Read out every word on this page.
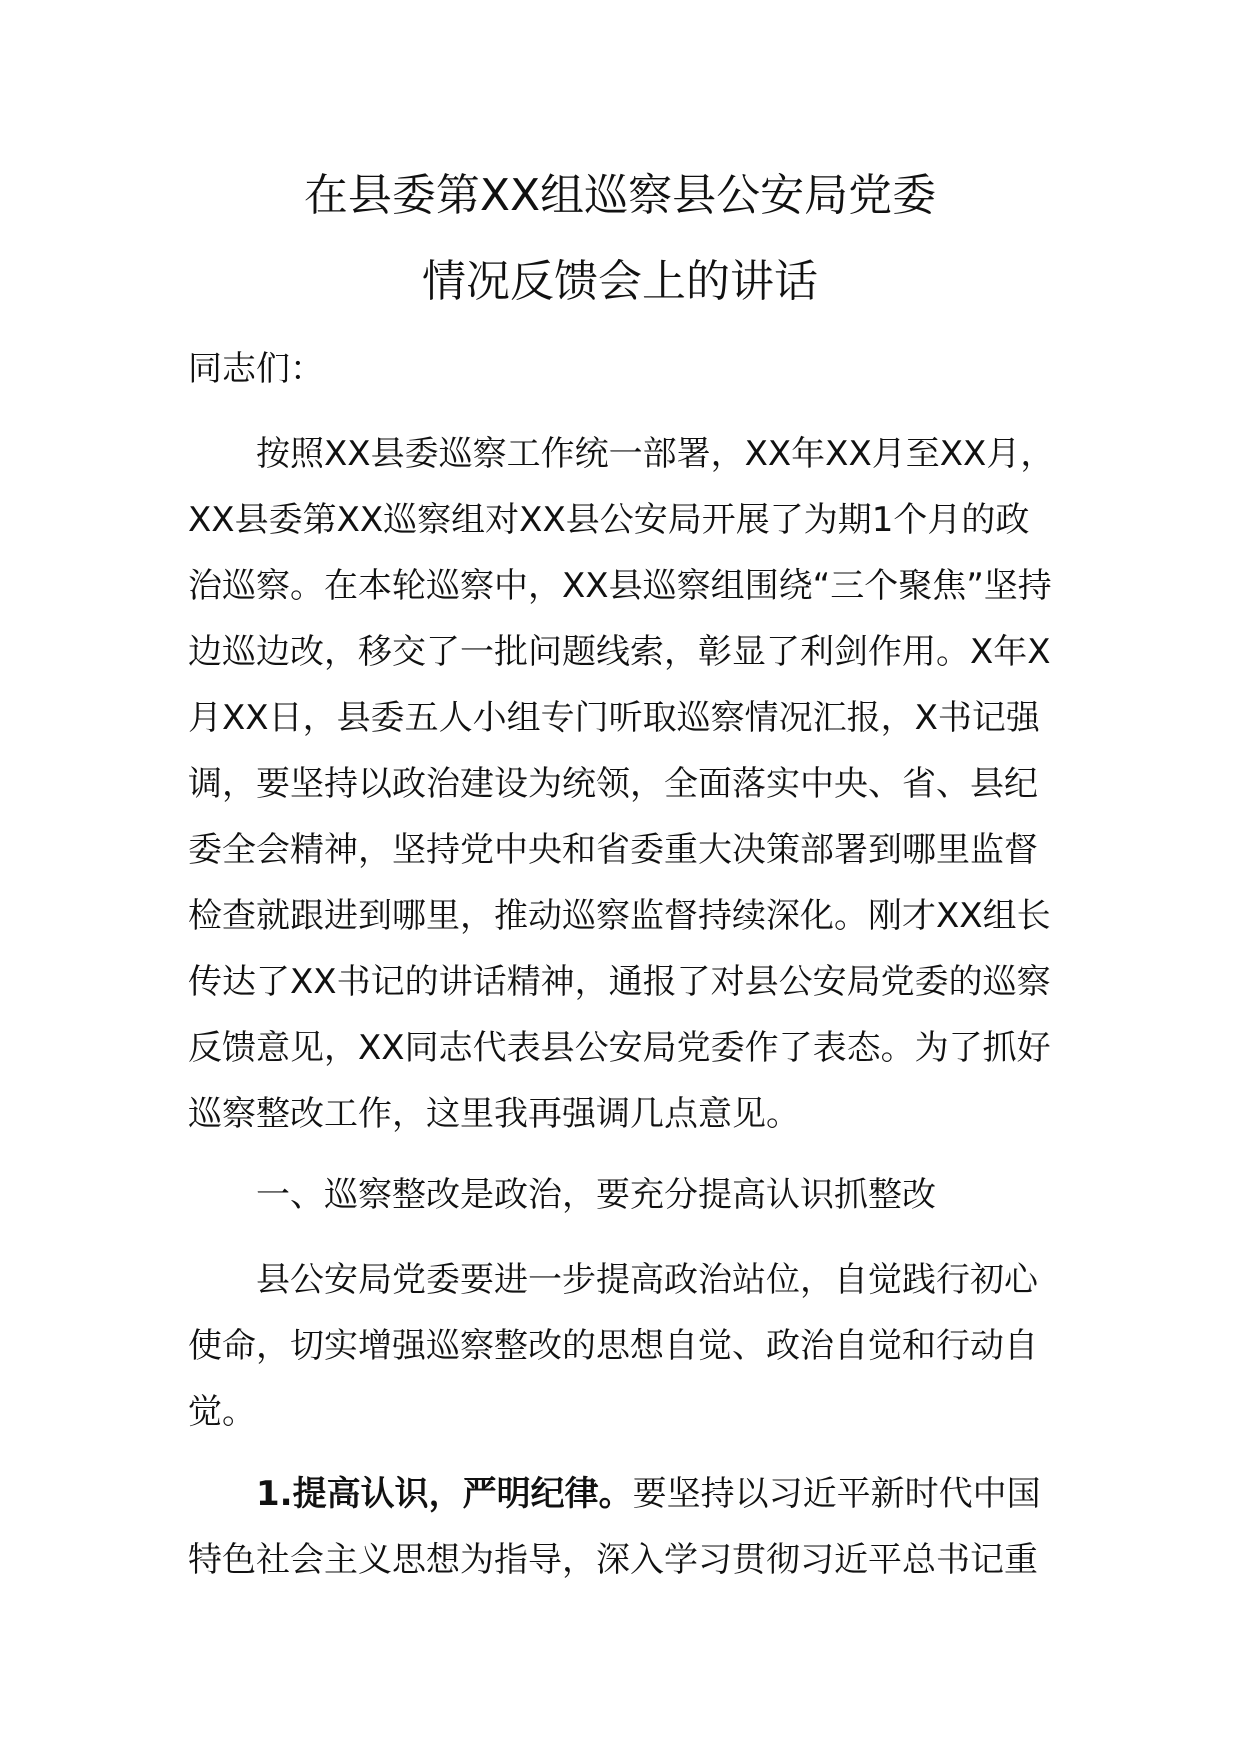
在县委第XX组巡察县公安局党委
情况反馈会上的讲话

同志们：

按照XX县委巡察工作统一部署，XX年XX月至XX月，XX县委第XX巡察组对XX县公安局开展了为期1个月的政治巡察。在本轮巡察中，XX县巡察组围绕“三个聚焦”坚持边巡边改，移交了一批问题线索，彰显了利剑作用。X年X月XX日，县委五人小组专门听取巡察情况汇报，X书记强调，要坚持以政治建设为统领，全面落实中央、省、县纪委全会精神，坚持党中央和省委重大决策部署到哪里监督检查就跟进到哪里，推动巡察监督持续深化。刚才XX组长传达了XX书记的讲话精神，通报了对县公安局党委的巡察反馈意见，XX同志代表县公安局党委作了表态。为了抓好巡察整改工作，这里我再强调几点意见。

一、巡察整改是政治，要充分提高认识抓整改

县公安局党委要进一步提高政治站位，自觉践行初心使命，切实增强巡察整改的思想自觉、政治自觉和行动自觉。

1.提高认识，严明纪律。要坚持以习近平新时代中国特色社会主义思想为指导，深入学习贯彻习近平总书记重
